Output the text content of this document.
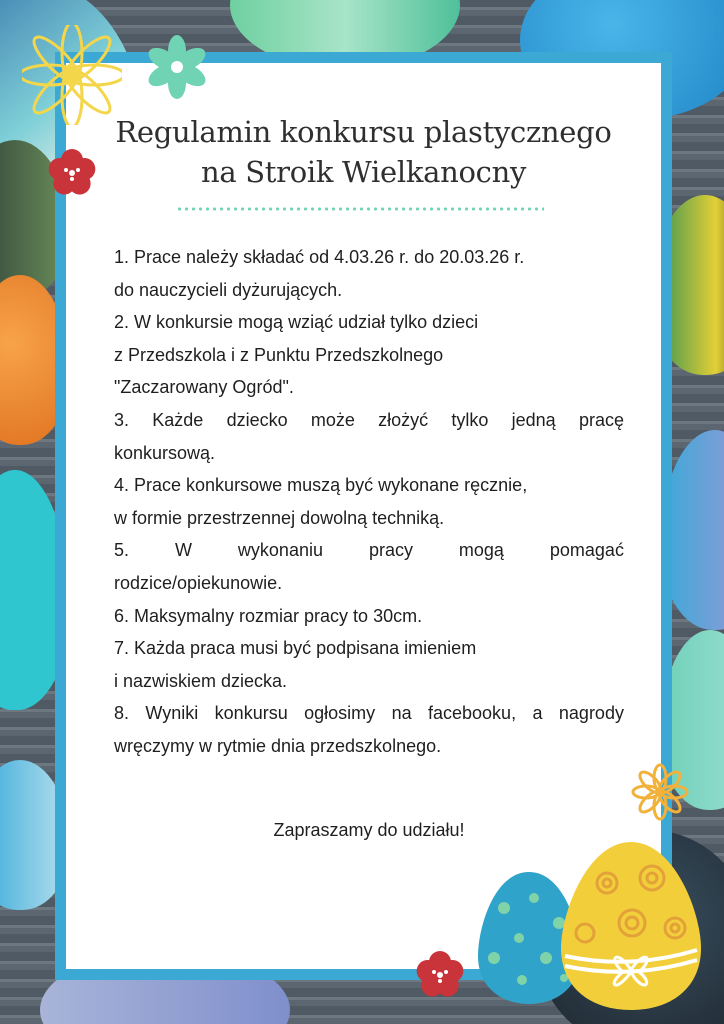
Regulamin konkursu plastycznego
na Stroik Wielkanocny
1. Prace należy składać od 4.03.26 r. do 20.03.26 r.
do nauczycieli dyżurujących.
2. W konkursie mogą wziąć udział tylko dzieci
z Przedszkola i z Punktu Przedszkolnego
"Zaczarowany Ogród".
3. Każde dziecko może złożyć tylko jedną pracę
konkursową.
4. Prace konkursowe muszą być wykonane ręcznie,
w formie przestrzennej dowolną techniką.
5.	W	wykonaniu	pracy	mogą	pomagać
rodzice/opiekunowie.
6. Maksymalny rozmiar pracy to 30cm.
7. Każda praca musi być podpisana imieniem
i nazwiskiem dziecka.
8. Wyniki konkursu ogłosimy na facebooku, a nagrody
wręczymy w rytmie dnia przedszkolnego.
Zapraszamy do udziału!
